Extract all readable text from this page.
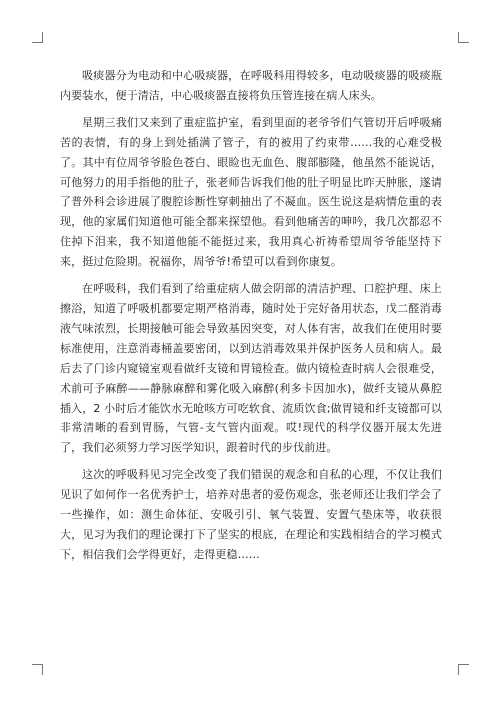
吸痰器分为电动和中心吸痰器，在呼吸科用得较多，电动吸痰器的吸痰瓶内要装水，便于清洁，中心吸痰器直接将负压管连接在病人床头。

星期三我们又来到了重症监护室，看到里面的老爷爷们气管切开后呼吸痛苦的表情，有的身上到处插满了管子，有的被用了约束带……我的心难受极了。其中有位周爷爷脸色苍白、眼睑也无血色、腹部膨隆，他虽然不能说话，可他努力的用手指他的肚子，张老师告诉我们他的肚子明显比昨天肿胀，遂请了普外科会诊进展了腹腔诊断性穿刺抽出了不凝血。医生说这是病情危重的表现，他的家属们知道他可能全都来探望他。看到他痛苦的呻吟，我几次都忍不住掉下泪来，我不知道他能不能挺过来，我用真心祈祷希望周爷爷能坚持下来，挺过危险期。祝福你，周爷爷!希望可以看到你康复。

在呼吸科，我们看到了给重症病人做会阴部的清洁护理、口腔护理、床上擦浴，知道了呼吸机都要定期严格消毒，随时处于完好备用状态，戊二醛消毒液气味浓烈，长期接触可能会导致基因突变，对人体有害，故我们在使用时要标准使用，注意消毒桶盖要密闭，以到达消毒效果并保护医务人员和病人。最后去了门诊内窥镜室观看做纤支镜和胃镜检查。做内镜检查时病人会很难受，术前可予麻醉——静脉麻醉和雾化吸入麻醉(利多卡因加水)，做纤支镜从鼻腔插入，2 小时后才能饮水无呛咳方可吃软食、流质饮食;做胃镜和纤支镜都可以非常清晰的看到胃肠，气管-支气管内面观。哎!现代的科学仪器开展太先进了，我们必须努力学习医学知识，跟着时代的步伐前进。

这次的呼吸科见习完全改变了我们错误的观念和自私的心理，不仅让我们见识了如何作一名优秀护士，培养对患者的爱伤观念，张老师还让我们学会了一些操作，如：测生命体征、安吸引引、氧气装置、安置气垫床等，收获很大，见习为我们的理论课打下了坚实的根底，在理论和实践相结合的学习模式下，相信我们会学得更好，走得更稳……
